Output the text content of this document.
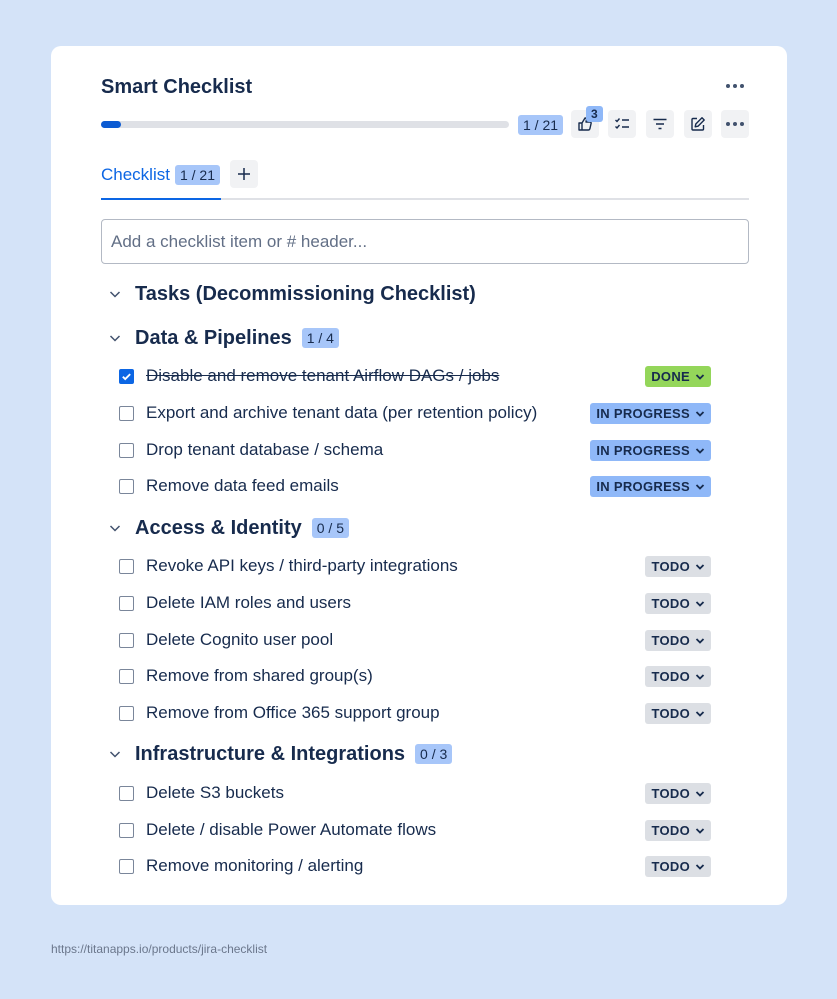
Smart Checklist
1 / 21
3
Checklist 1 / 21
Add a checklist item or # header...
Tasks (Decommissioning Checklist)
Data & Pipelines	1 / 4
Access & Identity	0 / 5
Infrastructure & Integrations	0 / 3
Disable and remove tenant Airflow DAGs / jobs	DONE
Export and archive tenant data (per retention policy)	IN PROGRESS
Drop tenant database / schema	IN PROGRESS
Remove data feed emails	IN PROGRESS
Revoke API keys / third-party integrations	TODO
Delete IAM roles and users	TODO
Delete Cognito user pool	TODO
Remove from shared group(s)	TODO
Remove from Office 365 support group	TODO
Delete S3 buckets	TODO
Delete / disable Power Automate flows	TODO
Remove monitoring / alerting	TODO
https://titanapps.io/products/jira-checklist
